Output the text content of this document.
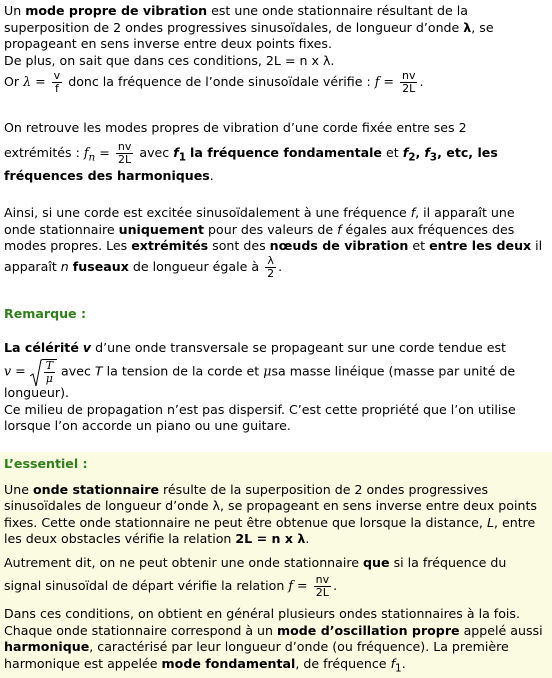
Un mode propre de vibration est une onde stationnaire résultant de la superposition de 2 ondes progressives sinusoïdales, de longueur d’onde λ, se propageant en sens inverse entre deux points fixes.

De plus, on sait que dans ces conditions, 2L = n x λ.

Or $\lambda = \frac{v}{f}$ donc la fréquence de l’onde sinusoïdale vérifie : $f = \frac{nv}{2L}$ .

On retrouve les modes propres de vibration d’une corde fixée entre ses 2

extrémités : $f_n = \frac{nv}{2L}$ avec $f_1$ la fréquence fondamentale et $f_2$, $f_3$, etc, les

fréquences des harmoniques.

Ainsi, si une corde est excitée sinusoïdalement à une fréquence f, il apparaît une onde stationnaire uniquement pour des valeurs de f égales aux fréquences des modes propres. Les extrémités sont des nœuds de vibration et entre les deux il apparaît n fuseaux de longueur égale à $\frac{\lambda}{2}$ .

Remarque :

La célérité v d’une onde transversale se propageant sur une corde tendue est

$v = \frac{T}{\mu}$ avec T la tension de la corde et μsa masse linéique (masse par unité de longueur).

Ce milieu de propagation n’est pas dispersif. C’est cette propriété que l’on utilise lorsque l’on accorde un piano ou une guitare.

L’essentiel :

Une onde stationnaire résulte de la superposition de 2 ondes progressives sinusoïdales de longueur d’onde λ, se propageant en sens inverse entre deux points fixes. Cette onde stationnaire ne peut être obtenue que lorsque la distance, L, entre les deux obstacles vérifie la relation 2L = n x λ.

Autrement dit, on ne peut obtenir une onde stationnaire que si la fréquence du

signal sinusoïdal de départ vérifie la relation $f = \frac{nv}{2L}$ .

Dans ces conditions, on obtient en général plusieurs ondes stationnaires à la fois. Chaque onde stationnaire correspond à un mode d’oscillation propre appelé aussi harmonique, caractérisé par leur longueur d’onde (ou fréquence). La première harmonique est appelée mode fondamental, de fréquence $f_1$.
